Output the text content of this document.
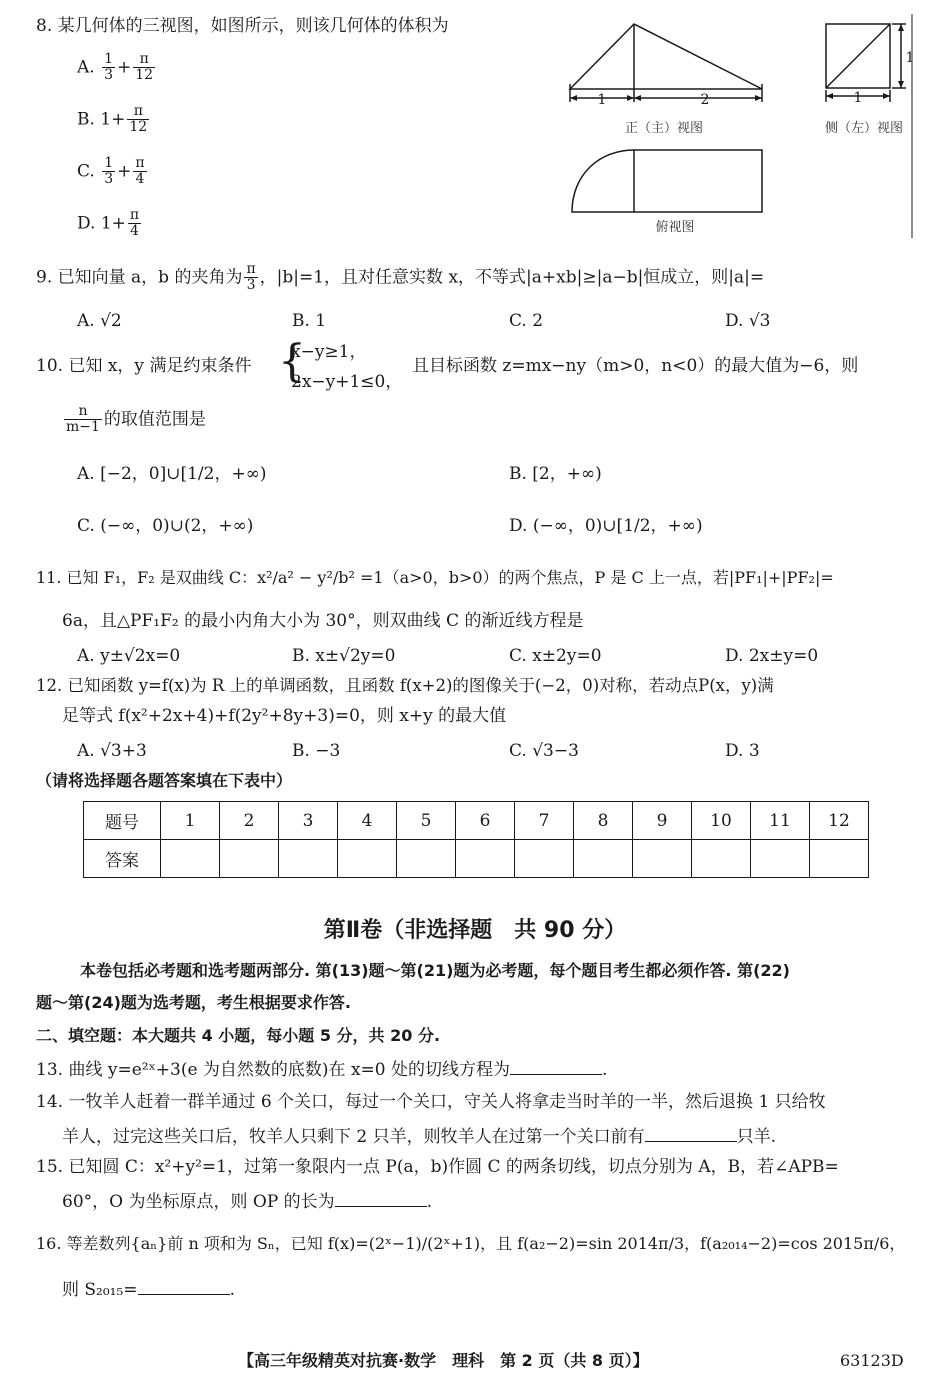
8. 某几何体的三视图，如图所示，则该几何体的体积为
A. $\frac{1}{3} + \frac{\pi}{12}$
B. $1+ \frac{\pi}{12}$
C. $\frac{1}{3} + \frac{\pi}{4}$
D. $1+ \frac{\pi}{4}$
1	2	1
1
正（主）视图	侧（左）视图
俯视图
9. 已知向量 a，b 的夹角为 $\frac{\pi}{3}$ ，|b|=1，且对任意实数 x，不等式|a+xb|≥|a−b|恒成立，则|a|=
A. √2	B. 1	C. 2	D. √3
10. 已知 x，y 满足约束条件 {
x−y≥1，
2x−y+1≤0，
且目标函数 z=mx−ny（m>0，n<0）的最大值为−6，则
$\frac{n}{m-1}$ 的取值范围是
A. [−2，0]∪[1/2，+∞)	B. [2，+∞)
C. (−∞，0)∪(2，+∞)	D. (−∞，0)∪[1/2，+∞)
11. 已知 F₁，F₂ 是双曲线 C：x²/a² − y²/b² =1（a>0，b>0）的两个焦点，P 是 C 上一点，若|PF₁|+|PF₂|=
6a，且△PF₁F₂ 的最小内角大小为 30°，则双曲线 C 的渐近线方程是
A. y±√2x=0	B. x±√2y=0	C. x±2y=0	D. 2x±y=0
12. 已知函数 y=f(x)为 R 上的单调函数，且函数 f(x+2)的图像关于(−2，0)对称，若动点P(x，y)满
足等式 f(x²+2x+4)+f(2y²+8y+3)=0，则 x+y 的最大值
A. √3+3	B. −3	C. √3−3	D. 3
（请将选择题各题答案填在下表中）
题号	1	2	3	4	5	6	7	8	9	10	11	12
答案												
第Ⅱ卷（非选择题　共 90 分）
本卷包括必考题和选考题两部分. 第(13)题～第(21)题为必考题，每个题目考生都必须作答. 第(22)
题～第(24)题为选考题，考生根据要求作答.
二、填空题：本大题共 4 小题，每小题 5 分，共 20 分.
13. 曲线 y=e²ˣ+3(e 为自然数的底数)在 x=0 处的切线方程为	.
14. 一牧羊人赶着一群羊通过 6 个关口，每过一个关口，守关人将拿走当时羊的一半，然后退换 1 只给牧
羊人，过完这些关口后，牧羊人只剩下 2 只羊，则牧羊人在过第一个关口前有	只羊.
15. 已知圆 C：x²+y²=1，过第一象限内一点 P(a，b)作圆 C 的两条切线，切点分别为 A，B，若∠APB=
60°，O 为坐标原点，则 OP 的长为	.
16. 等差数列{aₙ}前 n 项和为 Sₙ，已知 f(x)=(2ˣ−1)/(2ˣ+1)，且 f(a₂−2)=sin 2014π/3，f(a₂₀₁₄−2)=cos 2015π/6，
则 S₂₀₁₅=	.
【高三年级精英对抗赛·数学　理科　第 2 页（共 8 页）】	63123D
